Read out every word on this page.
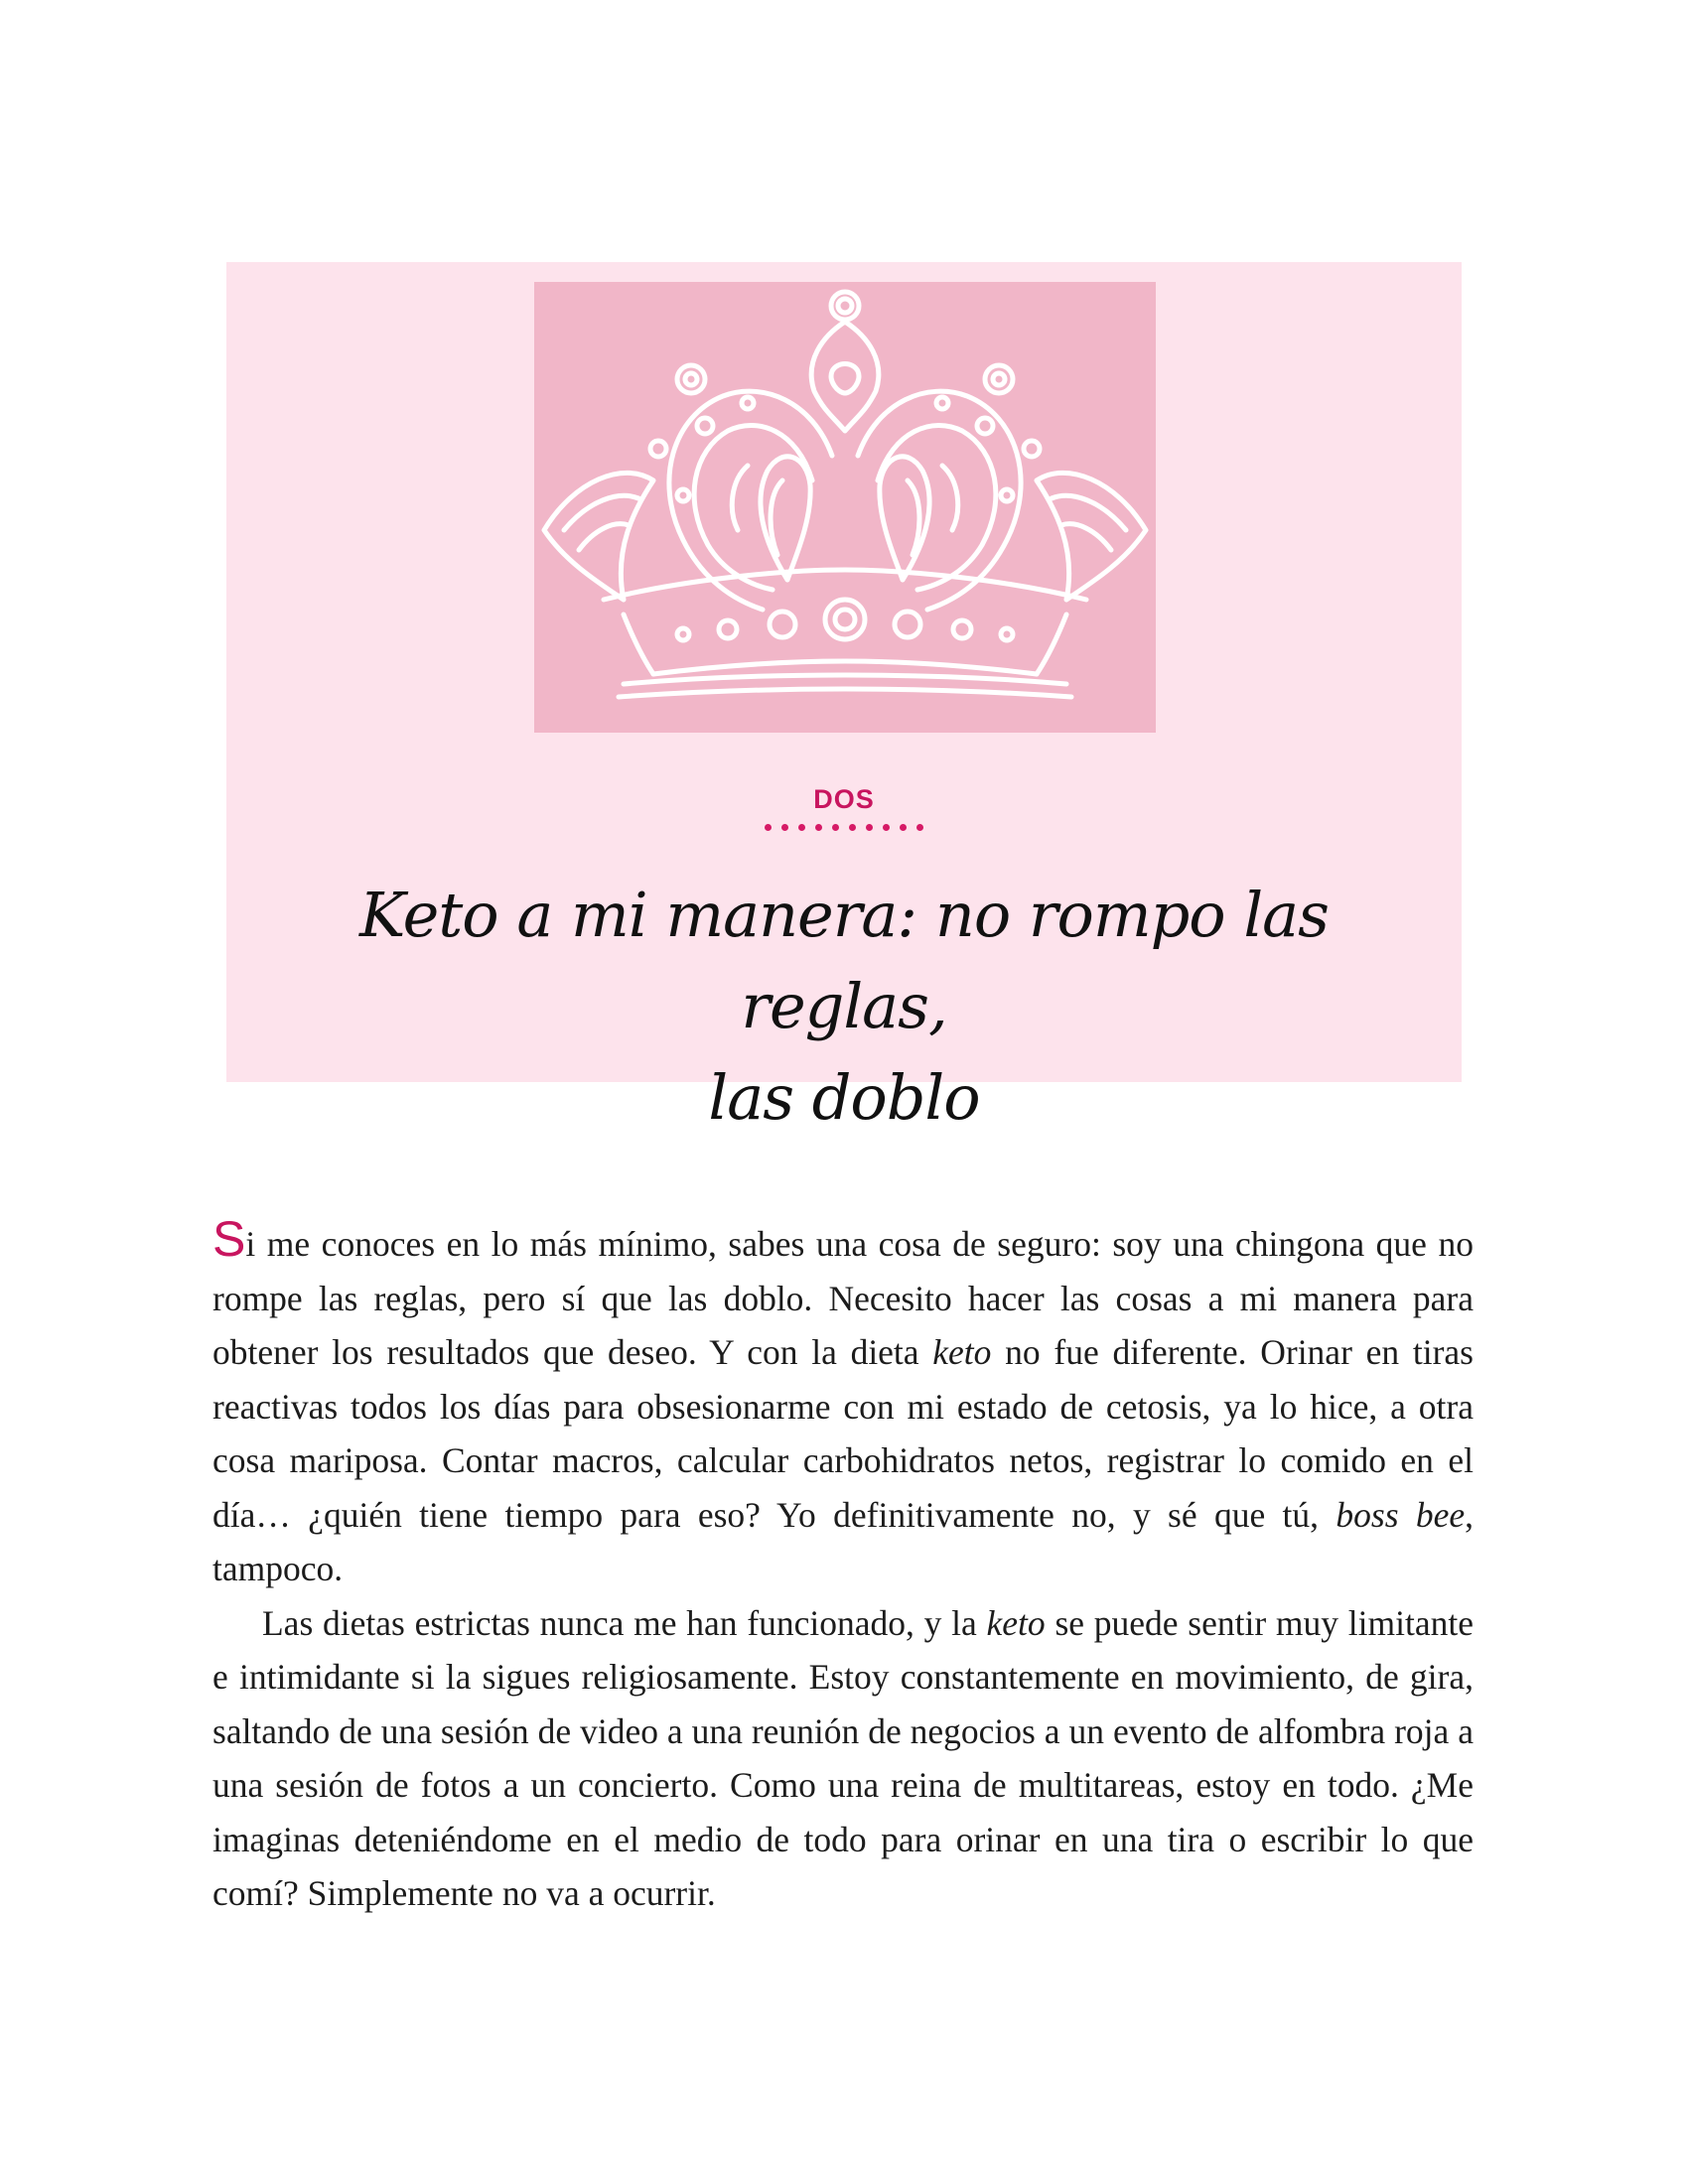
DOS
Keto a mi manera: no rompo las reglas,
las doblo

Si me conoces en lo más mínimo, sabes una cosa de seguro: soy una chingona que no rompe las reglas, pero sí que las doblo. Necesito hacer las cosas a mi manera para obtener los resultados que deseo. Y con la dieta keto no fue diferente. Orinar en tiras reactivas todos los días para obsesionarme con mi estado de cetosis, ya lo hice, a otra cosa mariposa. Contar macros, calcular carbohidratos netos, registrar lo comido en el día… ¿quién tiene tiempo para eso? Yo definitivamente no, y sé que tú, boss bee, tampoco.

Las dietas estrictas nunca me han funcionado, y la keto se puede sentir muy limitante e intimidante si la sigues religiosamente. Estoy constantemente en movimiento, de gira, saltando de una sesión de video a una reunión de negocios a un evento de alfombra roja a una sesión de fotos a un concierto. Como una reina de multitareas, estoy en todo. ¿Me imaginas deteniéndome en el medio de todo para orinar en una tira o escribir lo que comí? Simplemente no va a ocurrir.
